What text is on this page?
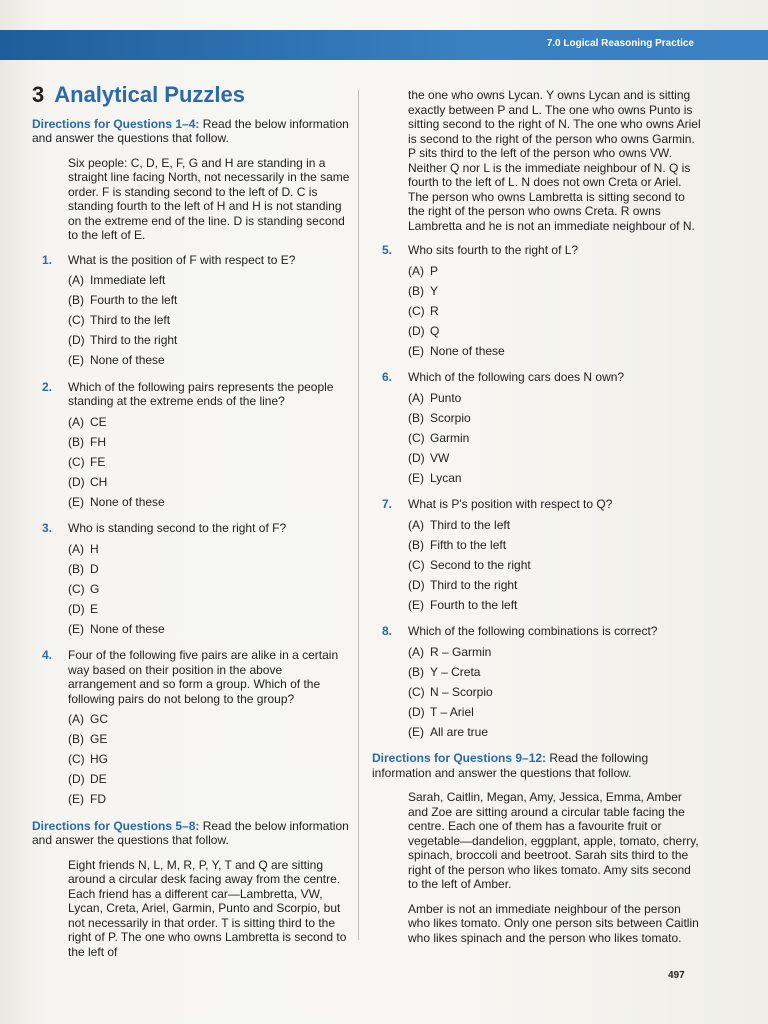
7.0 Logical Reasoning Practice
3 Analytical Puzzles

Directions for Questions 1–4: Read the below information and answer the questions that follow.

Six people: C, D, E, F, G and H are standing in a straight line facing North, not necessarily in the same order. F is standing second to the left of D. C is standing fourth to the left of H and H is not standing on the extreme end of the line. D is standing second to the left of E.

1. What is the position of F with respect to E?
(A) Immediate left
(B) Fourth to the left
(C) Third to the left
(D) Third to the right
(E) None of these
2. Which of the following pairs represents the people standing at the extreme ends of the line?
(A) CE
(B) FH
(C) FE
(D) CH
(E) None of these
3. Who is standing second to the right of F?
(A) H
(B) D
(C) G
(D) E
(E) None of these
4. Four of the following five pairs are alike in a certain way based on their position in the above arrangement and so form a group. Which of the following pairs do not belong to the group?
(A) GC
(B) GE
(C) HG
(D) DE
(E) FD

Directions for Questions 5–8: Read the below information and answer the questions that follow.

Eight friends N, L, M, R, P, Y, T and Q are sitting around a circular desk facing away from the centre. Each friend has a different car—Lambretta, VW, Lycan, Creta, Ariel, Garmin, Punto and Scorpio, but not necessarily in that order. T is sitting third to the right of P. The one who owns Lambretta is second to the left of

the one who owns Lycan. Y owns Lycan and is sitting exactly between P and L. The one who owns Punto is sitting second to the right of N. The one who owns Ariel is second to the right of the person who owns Garmin. P sits third to the left of the person who owns VW. Neither Q nor L is the immediate neighbour of N. Q is fourth to the left of L. N does not own Creta or Ariel. The person who owns Lambretta is sitting second to the right of the person who owns Creta. R owns Lambretta and he is not an immediate neighbour of N.

5. Who sits fourth to the right of L?
(A) P
(B) Y
(C) R
(D) Q
(E) None of these
6. Which of the following cars does N own?
(A) Punto
(B) Scorpio
(C) Garmin
(D) VW
(E) Lycan
7. What is P's position with respect to Q?
(A) Third to the left
(B) Fifth to the left
(C) Second to the right
(D) Third to the right
(E) Fourth to the left
8. Which of the following combinations is correct?
(A) R – Garmin
(B) Y – Creta
(C) N – Scorpio
(D) T – Ariel
(E) All are true

Directions for Questions 9–12: Read the following information and answer the questions that follow.

Sarah, Caitlin, Megan, Amy, Jessica, Emma, Amber and Zoe are sitting around a circular table facing the centre. Each one of them has a favourite fruit or vegetable—dandelion, eggplant, apple, tomato, cherry, spinach, broccoli and beetroot. Sarah sits third to the right of the person who likes tomato. Amy sits second to the left of Amber.

Amber is not an immediate neighbour of the person who likes tomato. Only one person sits between Caitlin who likes spinach and the person who likes tomato.

497
